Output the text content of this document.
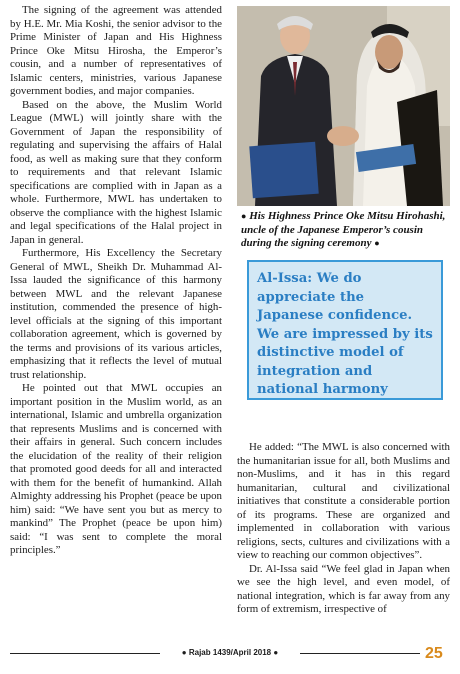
The signing of the agreement was attended by H.E. Mr. Mia Koshi, the senior advisor to the Prime Minister of Japan and His Highness Prince Oke Mitsu Hirosha, the Emperor’s cousin, and a number of representatives of Islamic centers, ministries, various Japanese government bodies, and major companies.

Based on the above, the Muslim World League (MWL) will jointly share with the Government of Japan the responsibility of regulating and supervising the affairs of Halal food, as well as making sure that they conform to requirements and that relevant Islamic specifications are complied with in Japan as a whole. Furthermore, MWL has undertaken to observe the compliance with the highest Islamic and legal specifications of the Halal project in Japan in general.

Furthermore, His Excellency the Secretary General of MWL, Sheikh Dr. Muhammad Al-Issa lauded the significance of this harmony between MWL and the relevant Japanese institution, commended the presence of high-level officials at the signing of this important collaboration agreement, which is governed by the terms and provisions of its various articles, emphasizing that it reflects the level of mutual trust relationship.

He pointed out that MWL occupies an important position in the Muslim world, as an international, Islamic and umbrella organization that represents Muslims and is concerned with their affairs in general. Such concern includes the elucidation of the reality of their religion that promoted good deeds for all and interacted with them for the benefit of humankind. Allah Almighty addressing his Prophet (peace be upon him) said: “We have sent you but as mercy to mankind” The Prophet (peace be upon him) said: “I was sent to complete the moral principles.”

● His Highness Prince Oke Mitsu Hirohashi, uncle of the Japanese Emperor’s cousin during the signing ceremony ●

Al-Issa: We do appreciate the Japanese confidence. We are impressed by its distinctive model of integration and national harmony

He added: “The MWL is also concerned with the humanitarian issue for all, both Muslims and non-Muslims, and it has in this regard humanitarian, cultural and civilizational initiatives that constitute a considerable portion of its programs. These are organized and implemented in collaboration with various religions, sects, cultures and civilizations with a view to reaching our common objectives”.

Dr. Al-Issa said “We feel glad in Japan when we see the high level, and even model, of national integration, which is far away from any form of extremism, irrespective of

● Rajab 1439/April 2018 ●	25
